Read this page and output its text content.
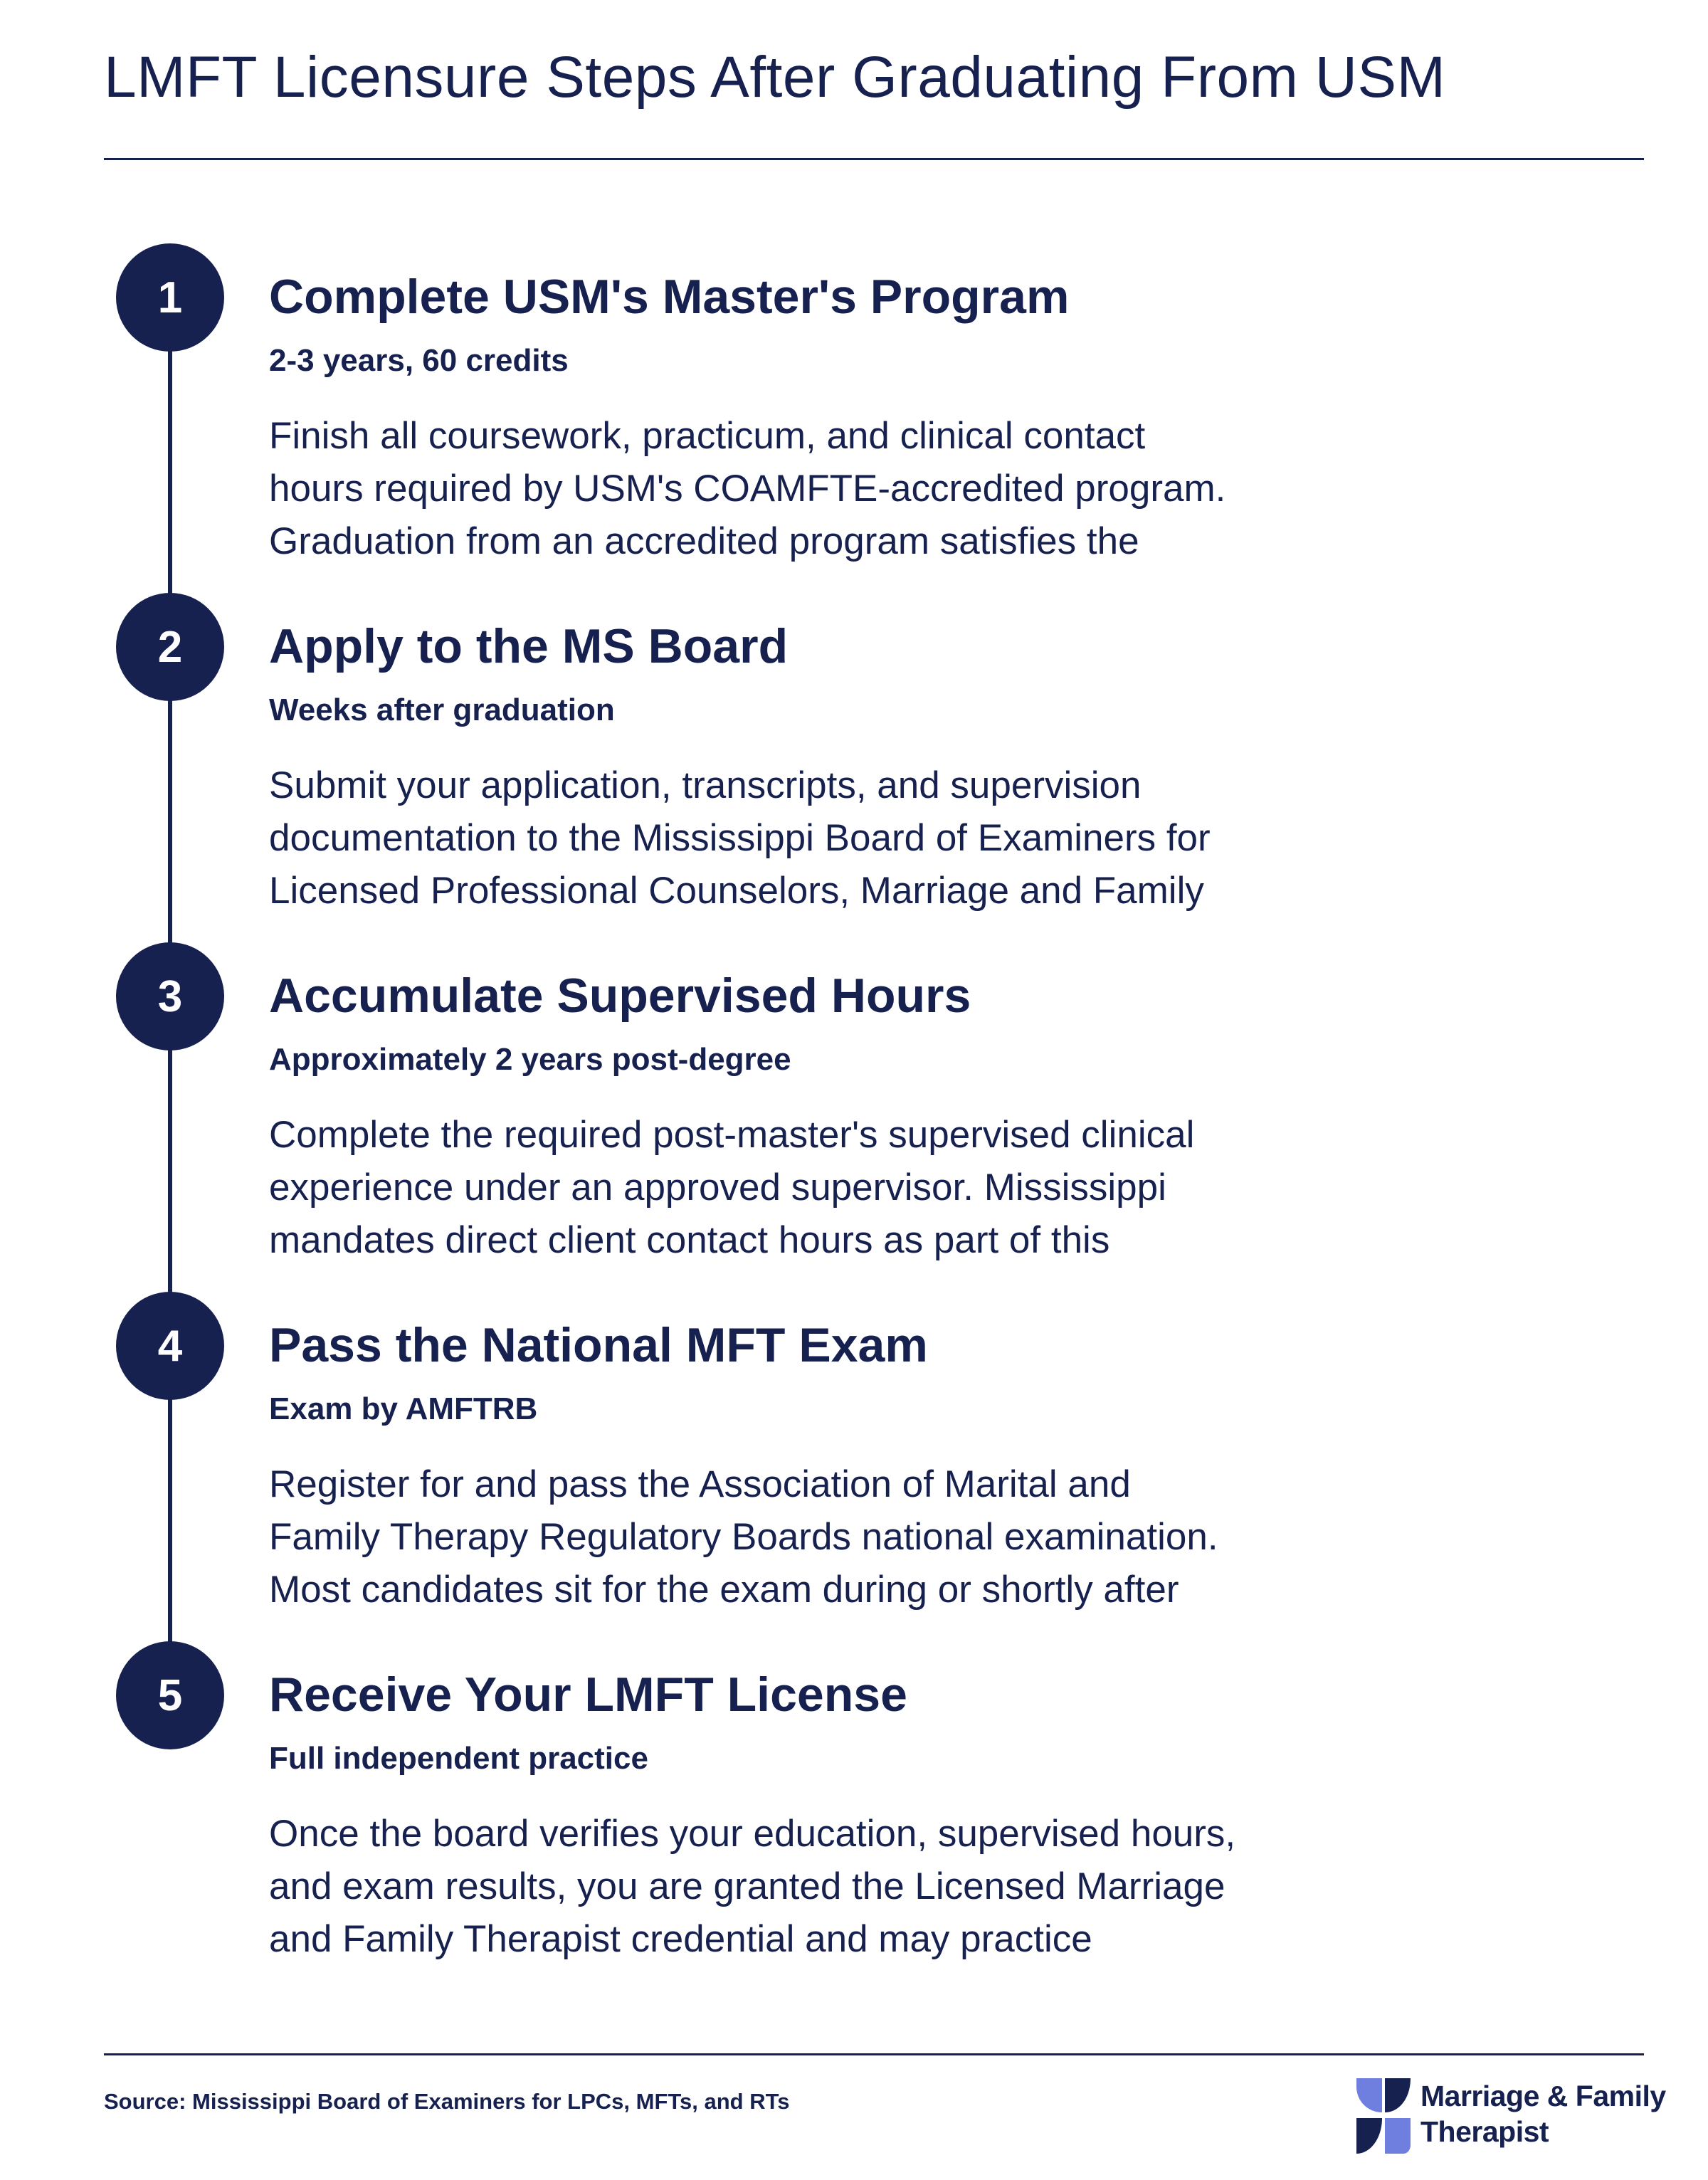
LMFT Licensure Steps After Graduating From USM
1	Complete USM's Master's Program
2-3 years, 60 credits
Finish all coursework, practicum, and clinical contact
hours required by USM's COAMFTE-accredited program.
Graduation from an accredited program satisfies the
2	Apply to the MS Board
Weeks after graduation
Submit your application, transcripts, and supervision
documentation to the Mississippi Board of Examiners for
Licensed Professional Counselors, Marriage and Family
3	Accumulate Supervised Hours
Approximately 2 years post-degree
Complete the required post-master's supervised clinical
experience under an approved supervisor. Mississippi
mandates direct client contact hours as part of this
4	Pass the National MFT Exam
Exam by AMFTRB
Register for and pass the Association of Marital and
Family Therapy Regulatory Boards national examination.
Most candidates sit for the exam during or shortly after
5	Receive Your LMFT License
Full independent practice
Once the board verifies your education, supervised hours,
and exam results, you are granted the Licensed Marriage
and Family Therapist credential and may practice
Source: Mississippi Board of Examiners for LPCs, MFTs, and RTs	Marriage & Family
Therapist
